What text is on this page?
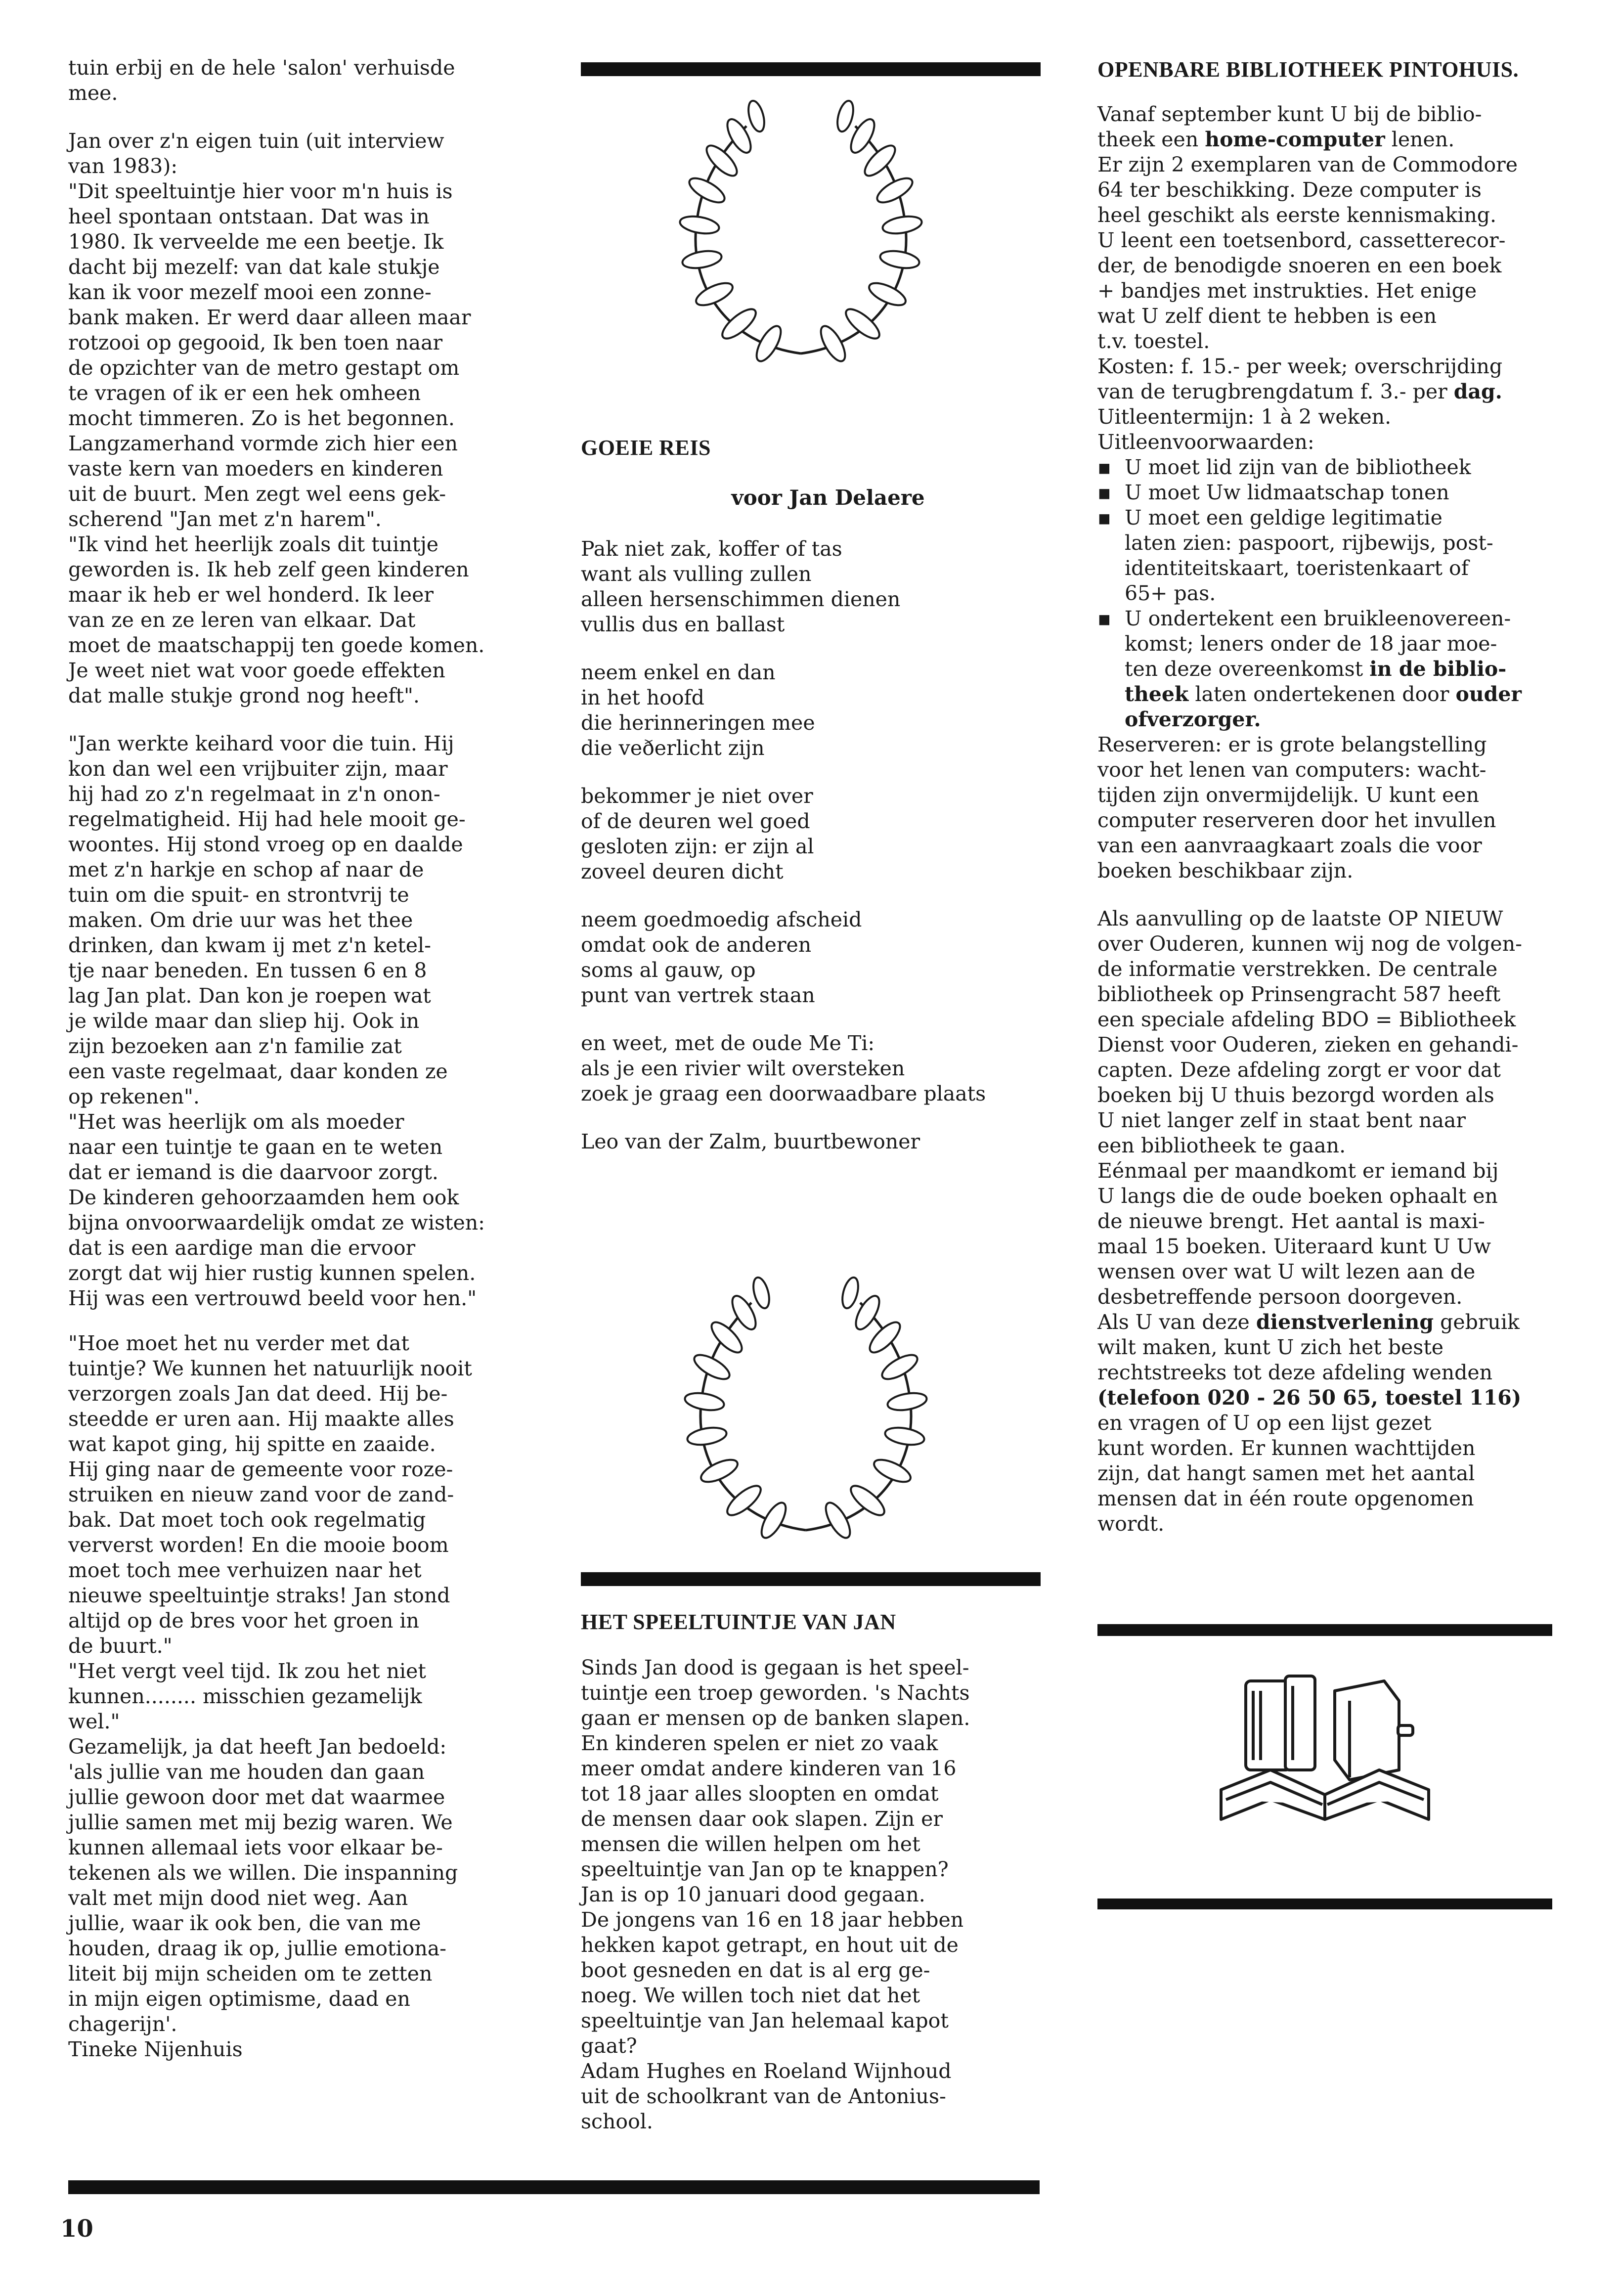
tuin erbij en de hele 'salon' verhuisde
mee.

Jan over z'n eigen tuin (uit interview
van 1983):
"Dit speeltuintje hier voor m'n huis is
heel spontaan ontstaan. Dat was in
1980. Ik verveelde me een beetje. Ik
dacht bij mezelf: van dat kale stukje
kan ik voor mezelf mooi een zonne-
bank maken. Er werd daar alleen maar
rotzooi op gegooid, Ik ben toen naar
de opzichter van de metro gestapt om
te vragen of ik er een hek omheen
mocht timmeren. Zo is het begonnen.
Langzamerhand vormde zich hier een
vaste kern van moeders en kinderen
uit de buurt. Men zegt wel eens gek-
scherend "Jan met z'n harem".
"Ik vind het heerlijk zoals dit tuintje
geworden is. Ik heb zelf geen kinderen
maar ik heb er wel honderd. Ik leer
van ze en ze leren van elkaar. Dat
moet de maatschappij ten goede komen.
Je weet niet wat voor goede effekten
dat malle stukje grond nog heeft".

"Jan werkte keihard voor die tuin. Hij
kon dan wel een vrijbuiter zijn, maar
hij had zo z'n regelmaat in z'n onon-
regelmatigheid. Hij had hele mooit ge-
woontes. Hij stond vroeg op en daalde
met z'n harkje en schop af naar de
tuin om die spuit- en strontvrij te
maken. Om drie uur was het thee
drinken, dan kwam ij met z'n ketel-
tje naar beneden. En tussen 6 en 8
lag Jan plat. Dan kon je roepen wat
je wilde maar dan sliep hij. Ook in
zijn bezoeken aan z'n familie zat
een vaste regelmaat, daar konden ze
op rekenen".
"Het was heerlijk om als moeder
naar een tuintje te gaan en te weten
dat er iemand is die daarvoor zorgt.
De kinderen gehoorzaamden hem ook
bijna onvoorwaardelijk omdat ze wisten:
dat is een aardige man die ervoor
zorgt dat wij hier rustig kunnen spelen.
Hij was een vertrouwd beeld voor hen."

"Hoe moet het nu verder met dat
tuintje? We kunnen het natuurlijk nooit
verzorgen zoals Jan dat deed. Hij be-
steedde er uren aan. Hij maakte alles
wat kapot ging, hij spitte en zaaide.
Hij ging naar de gemeente voor roze-
struiken en nieuw zand voor de zand-
bak. Dat moet toch ook regelmatig
ververst worden! En die mooie boom
moet toch mee verhuizen naar het
nieuwe speeltuintje straks! Jan stond
altijd op de bres voor het groen in
de buurt."
"Het vergt veel tijd. Ik zou het niet
kunnen........ misschien gezamelijk
wel."
Gezamelijk, ja dat heeft Jan bedoeld:
'als jullie van me houden dan gaan
jullie gewoon door met dat waarmee
jullie samen met mij bezig waren. We
kunnen allemaal iets voor elkaar be-
tekenen als we willen. Die inspanning
valt met mijn dood niet weg. Aan
jullie, waar ik ook ben, die van me
houden, draag ik op, jullie emotiona-
liteit bij mijn scheiden om te zetten
in mijn eigen optimisme, daad en
chagerijn'.
Tineke Nijenhuis

GOEIE REIS
voor Jan Delaere

Pak niet zak, koffer of tas
want als vulling zullen
alleen hersenschimmen dienen
vullis dus en ballast

neem enkel en dan
in het hoofd
die herinneringen mee
die veðerlicht zijn

bekommer je niet over
of de deuren wel goed
gesloten zijn: er zijn al
zoveel deuren dicht

neem goedmoedig afscheid
omdat ook de anderen
soms al gauw, op
punt van vertrek staan

en weet, met de oude Me Ti:
als je een rivier wilt oversteken
zoek je graag een doorwaadbare plaats

Leo van der Zalm, buurtbewoner

HET SPEELTUINTJE VAN JAN

Sinds Jan dood is gegaan is het speel-
tuintje een troep geworden. 's Nachts
gaan er mensen op de banken slapen.
En kinderen spelen er niet zo vaak
meer omdat andere kinderen van 16
tot 18 jaar alles sloopten en omdat
de mensen daar ook slapen. Zijn er
mensen die willen helpen om het
speeltuintje van Jan op te knappen?
Jan is op 10 januari dood gegaan.
De jongens van 16 en 18 jaar hebben
hekken kapot getrapt, en hout uit de
boot gesneden en dat is al erg ge-
noeg. We willen toch niet dat het
speeltuintje van Jan helemaal kapot
gaat?

Adam Hughes en Roeland Wijnhoud
uit de schoolkrant van de Antonius-
school.

OPENBARE BIBLIOTHEEK PINTOHUIS.

Vanaf september kunt U bij de biblio-
theek een home-computer lenen.
Er zijn 2 exemplaren van de Commodore
64 ter beschikking. Deze computer is
heel geschikt als eerste kennismaking.
U leent een toetsenbord, cassetterecor-
der, de benodigde snoeren en een boek
+ bandjes met instrukties. Het enige
wat U zelf dient te hebben is een
t.v. toestel.
Kosten: f. 15.- per week; overschrijding
van de terugbrengdatum f. 3.- per dag.
Uitleentermijn: 1 à 2 weken.
Uitleenvoorwaarden:

▪ U moet lid zijn van de bibliotheek
▪ U moet Uw lidmaatschap tonen
▪ U moet een geldige legitimatie
laten zien: paspoort, rijbewijs, post-
identiteitskaart, toeristenkaart of
65+ pas.
▪ U ondertekent een bruikleenovereen-
komst; leners onder de 18 jaar moe-
ten deze overeenkomst in de biblio-
theek laten ondertekenen door ouder
ofverzorger.

Reserveren: er is grote belangstelling
voor het lenen van computers: wacht-
tijden zijn onvermijdelijk. U kunt een
computer reserveren door het invullen
van een aanvraagkaart zoals die voor
boeken beschikbaar zijn.

Als aanvulling op de laatste OP NIEUW
over Ouderen, kunnen wij nog de volgen-
de informatie verstrekken. De centrale
bibliotheek op Prinsengracht 587 heeft
een speciale afdeling BDO = Bibliotheek
Dienst voor Ouderen, zieken en gehandi-
capten. Deze afdeling zorgt er voor dat
boeken bij U thuis bezorgd worden als
U niet langer zelf in staat bent naar
een bibliotheek te gaan.
Eénmaal per maandkomt er iemand bij
U langs die de oude boeken ophaalt en
de nieuwe brengt. Het aantal is maxi-
maal 15 boeken. Uiteraard kunt U Uw
wensen over wat U wilt lezen aan de
desbetreffende persoon doorgeven.
Als U van deze dienstverlening gebruik
wilt maken, kunt U zich het beste
rechtstreeks tot deze afdeling wenden
(telefoon 020 - 26 50 65, toestel 116)
en vragen of U op een lijst gezet
kunt worden. Er kunnen wachttijden
zijn, dat hangt samen met het aantal
mensen dat in één route opgenomen
wordt.

10
